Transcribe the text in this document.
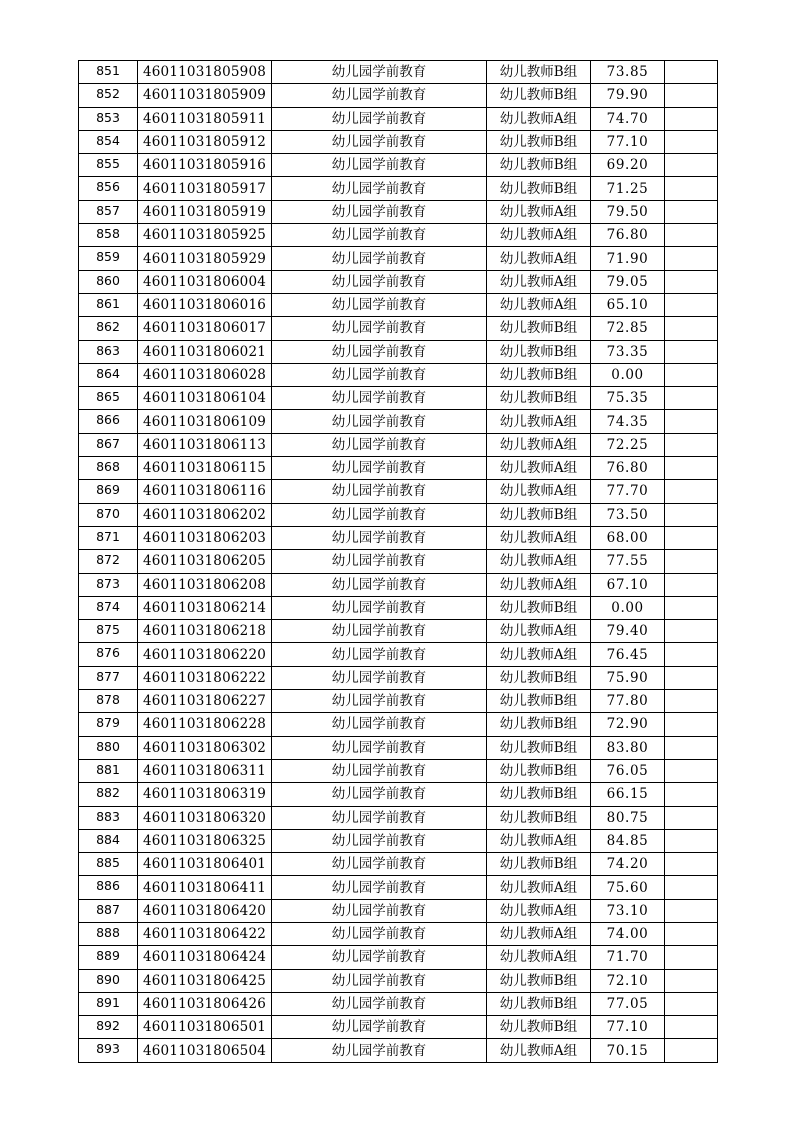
851	46011031805908	幼儿园学前教育	幼儿教师B组	73.85	
852	46011031805909	幼儿园学前教育	幼儿教师B组	79.90	
853	46011031805911	幼儿园学前教育	幼儿教师A组	74.70	
854	46011031805912	幼儿园学前教育	幼儿教师B组	77.10	
855	46011031805916	幼儿园学前教育	幼儿教师B组	69.20	
856	46011031805917	幼儿园学前教育	幼儿教师B组	71.25	
857	46011031805919	幼儿园学前教育	幼儿教师A组	79.50	
858	46011031805925	幼儿园学前教育	幼儿教师A组	76.80	
859	46011031805929	幼儿园学前教育	幼儿教师A组	71.90	
860	46011031806004	幼儿园学前教育	幼儿教师A组	79.05	
861	46011031806016	幼儿园学前教育	幼儿教师A组	65.10	
862	46011031806017	幼儿园学前教育	幼儿教师B组	72.85	
863	46011031806021	幼儿园学前教育	幼儿教师B组	73.35	
864	46011031806028	幼儿园学前教育	幼儿教师B组	0.00	
865	46011031806104	幼儿园学前教育	幼儿教师B组	75.35	
866	46011031806109	幼儿园学前教育	幼儿教师A组	74.35	
867	46011031806113	幼儿园学前教育	幼儿教师A组	72.25	
868	46011031806115	幼儿园学前教育	幼儿教师A组	76.80	
869	46011031806116	幼儿园学前教育	幼儿教师A组	77.70	
870	46011031806202	幼儿园学前教育	幼儿教师B组	73.50	
871	46011031806203	幼儿园学前教育	幼儿教师A组	68.00	
872	46011031806205	幼儿园学前教育	幼儿教师A组	77.55	
873	46011031806208	幼儿园学前教育	幼儿教师A组	67.10	
874	46011031806214	幼儿园学前教育	幼儿教师B组	0.00	
875	46011031806218	幼儿园学前教育	幼儿教师A组	79.40	
876	46011031806220	幼儿园学前教育	幼儿教师A组	76.45	
877	46011031806222	幼儿园学前教育	幼儿教师B组	75.90	
878	46011031806227	幼儿园学前教育	幼儿教师B组	77.80	
879	46011031806228	幼儿园学前教育	幼儿教师B组	72.90	
880	46011031806302	幼儿园学前教育	幼儿教师B组	83.80	
881	46011031806311	幼儿园学前教育	幼儿教师B组	76.05	
882	46011031806319	幼儿园学前教育	幼儿教师B组	66.15	
883	46011031806320	幼儿园学前教育	幼儿教师B组	80.75	
884	46011031806325	幼儿园学前教育	幼儿教师A组	84.85	
885	46011031806401	幼儿园学前教育	幼儿教师B组	74.20	
886	46011031806411	幼儿园学前教育	幼儿教师A组	75.60	
887	46011031806420	幼儿园学前教育	幼儿教师A组	73.10	
888	46011031806422	幼儿园学前教育	幼儿教师A组	74.00	
889	46011031806424	幼儿园学前教育	幼儿教师A组	71.70	
890	46011031806425	幼儿园学前教育	幼儿教师B组	72.10	
891	46011031806426	幼儿园学前教育	幼儿教师B组	77.05	
892	46011031806501	幼儿园学前教育	幼儿教师B组	77.10	
893	46011031806504	幼儿园学前教育	幼儿教师A组	70.15	
